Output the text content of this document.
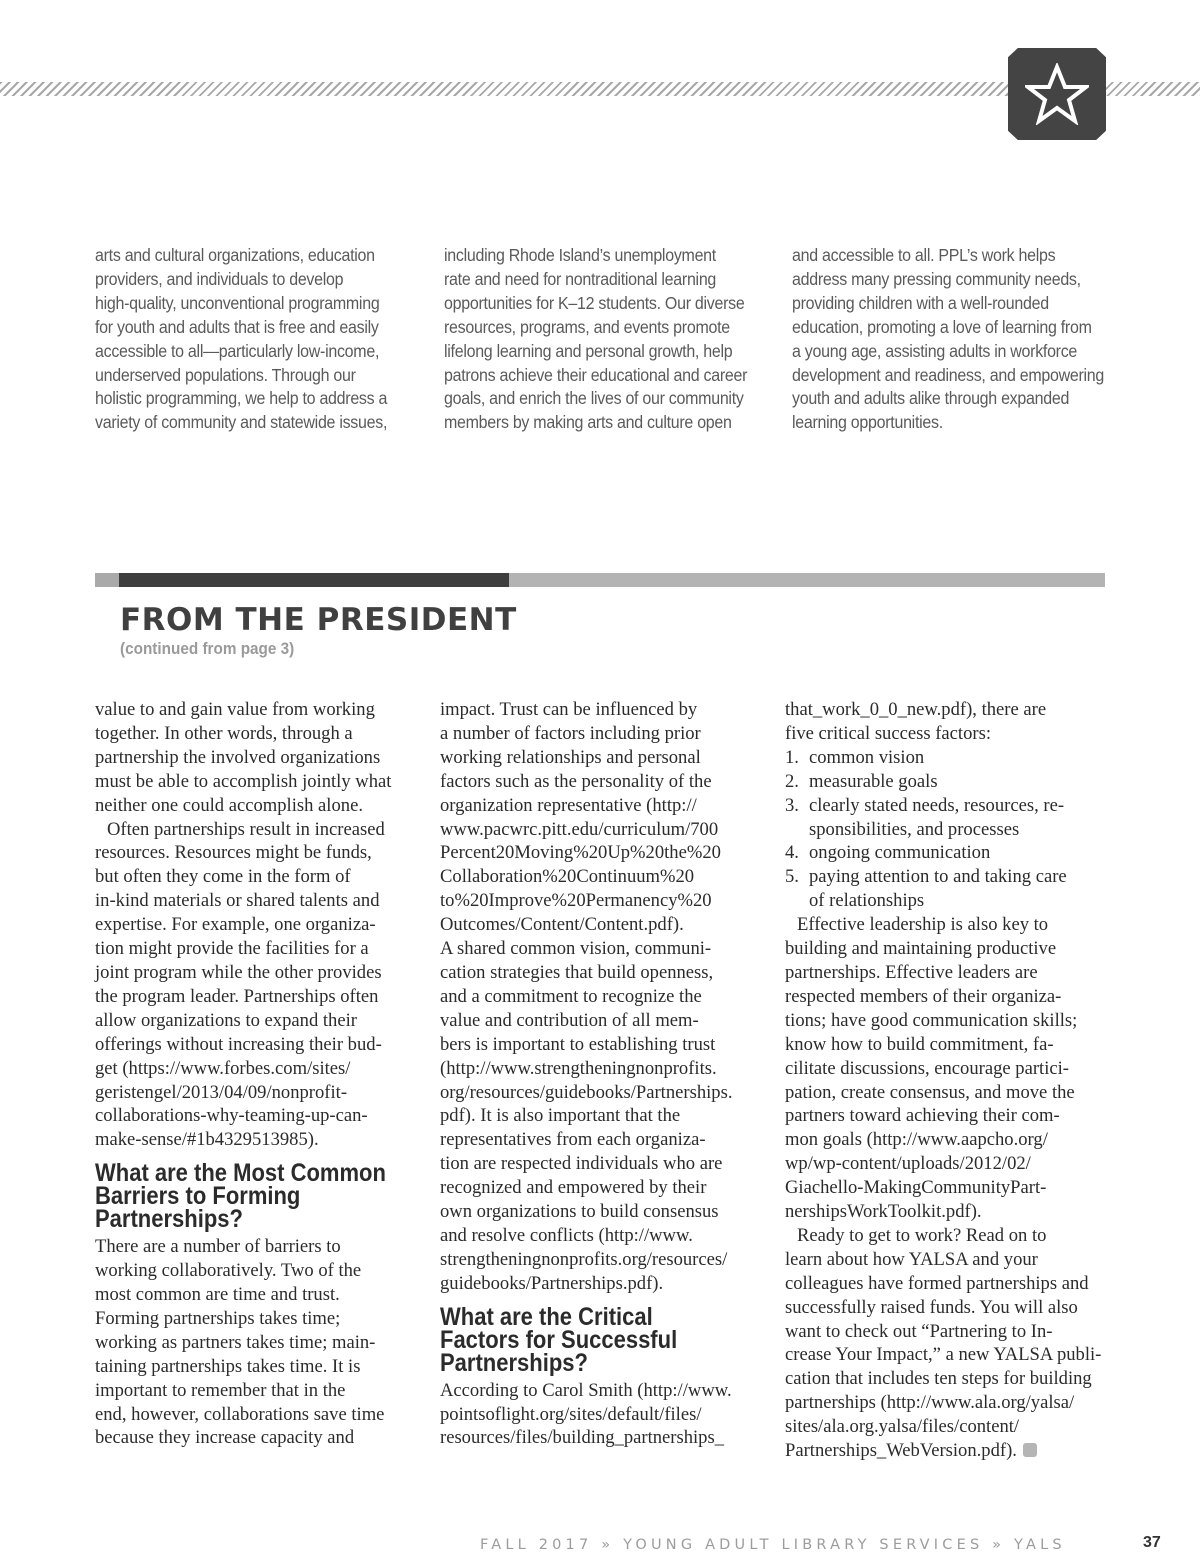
arts and cultural organizations, education
providers, and individuals to develop
high-quality, unconventional programming
for youth and adults that is free and easily
accessible to all—particularly low-income,
underserved populations. Through our
holistic programming, we help to address a
variety of community and statewide issues,
including Rhode Island’s unemployment
rate and need for nontraditional learning
opportunities for K–12 students. Our diverse
resources, programs, and events promote
lifelong learning and personal growth, help
patrons achieve their educational and career
goals, and enrich the lives of our community
members by making arts and culture open
and accessible to all. PPL’s work helps
address many pressing community needs,
providing children with a well-rounded
education, promoting a love of learning from
a young age, assisting adults in workforce
development and readiness, and empowering
youth and adults alike through expanded
learning opportunities.
FROM THE PRESIDENT
(continued from page 3)

value to and gain value from working
together. In other words, through a
partnership the involved organizations
must be able to accomplish jointly what
neither one could accomplish alone.

Often partnerships result in increased
resources. Resources might be funds,
but often they come in the form of
in-kind materials or shared talents and
expertise. For example, one organiza-
tion might provide the facilities for a
joint program while the other provides
the program leader. Partnerships often
allow organizations to expand their
offerings without increasing their bud-
get (https://www.forbes.com/sites/
geristengel/2013/04/09/nonprofit-
collaborations-why-teaming-up-can-
make-sense/#1b4329513985).

What are the Most Common
Barriers to Forming
Partnerships?

There are a number of barriers to
working collaboratively. Two of the
most common are time and trust.
Forming partnerships takes time;
working as partners takes time; main-
taining partnerships takes time. It is
important to remember that in the
end, however, collaborations save time
because they increase capacity and

impact. Trust can be influenced by
a number of factors including prior
working relationships and personal
factors such as the personality of the
organization representative (http://
www.pacwrc.pitt.edu/curriculum/700
Percent20Moving%20Up%20the%20
Collaboration%20Continuum%20
to%20Improve%20Permanency%20
Outcomes/Content/Content.pdf).
A shared common vision, communi-
cation strategies that build openness,
and a commitment to recognize the
value and contribution of all mem-
bers is important to establishing trust
(http://www.strengtheningnonprofits.
org/resources/guidebooks/Partnerships.
pdf). It is also important that the
representatives from each organiza-
tion are respected individuals who are
recognized and empowered by their
own organizations to build consensus
and resolve conflicts (http://www.
strengtheningnonprofits.org/resources/
guidebooks/Partnerships.pdf).

What are the Critical
Factors for Successful
Partnerships?

According to Carol Smith (http://www.
pointsoflight.org/sites/default/files/
resources/files/building_partnerships_

that_work_0_0_new.pdf), there are
five critical success factors:

1. common vision
2. measurable goals
3. clearly stated needs, resources, re-
sponsibilities, and processes
4. ongoing communication
5. paying attention to and taking care
of relationships

Effective leadership is also key to
building and maintaining productive
partnerships. Effective leaders are
respected members of their organiza-
tions; have good communication skills;
know how to build commitment, fa-
cilitate discussions, encourage partici-
pation, create consensus, and move the
partners toward achieving their com-
mon goals (http://www.aapcho.org/
wp/wp-content/uploads/2012/02/
Giachello-MakingCommunityPart-
nershipsWorkToolkit.pdf).

Ready to get to work? Read on to
learn about how YALSA and your
colleagues have formed partnerships and
successfully raised funds. You will also
want to check out “Partnering to In-
crease Your Impact,” a new YALSA publi-
cation that includes ten steps for building
partnerships (http://www.ala.org/yalsa/
sites/ala.org.yalsa/files/content/
Partnerships_WebVersion.pdf).

FALL 2017 » YOUNG ADULT LIBRARY SERVICES » YALS	37
